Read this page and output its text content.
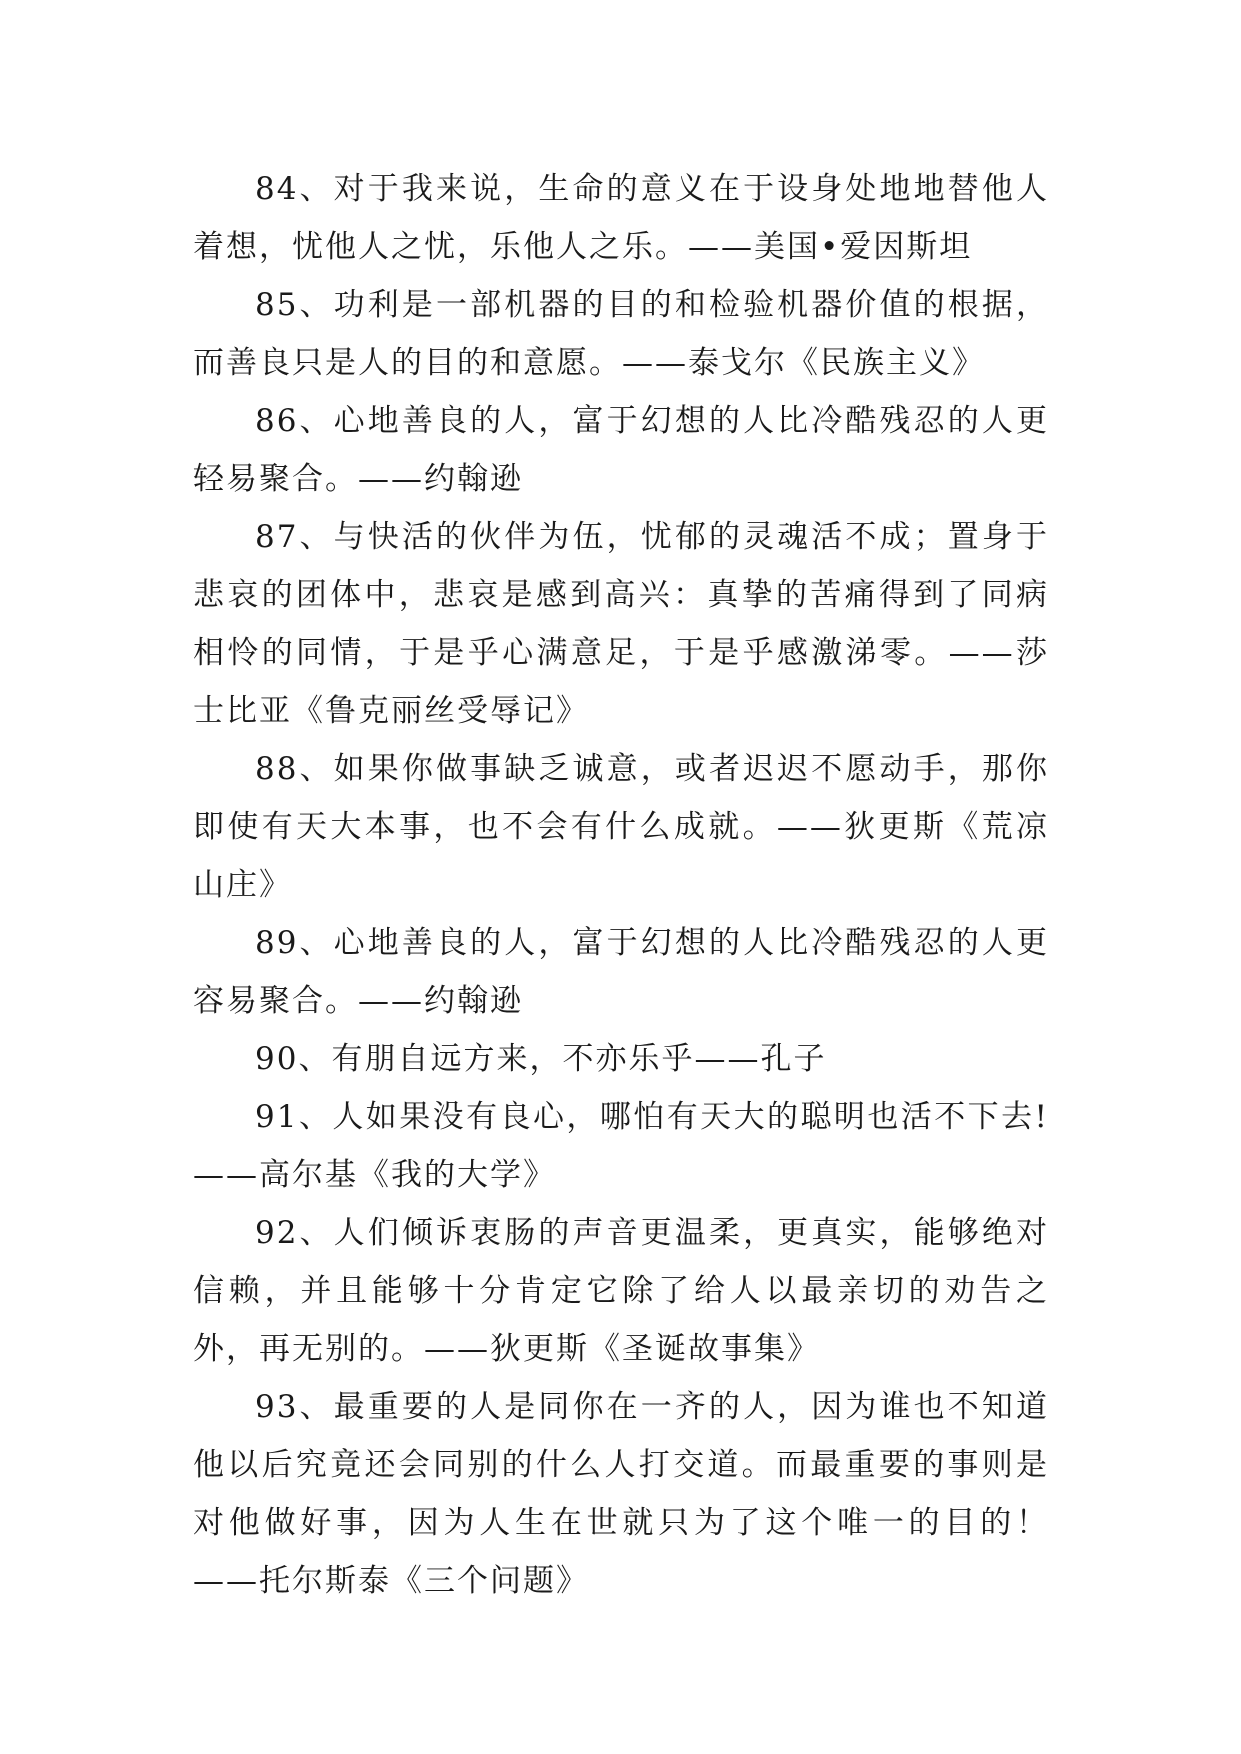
84、对于我来说，生命的意义在于设身处地地替他人着想，忧他人之忧，乐他人之乐。——美国•爱因斯坦

85、功利是一部机器的目的和检验机器价值的根据，而善良只是人的目的和意愿。——泰戈尔《民族主义》

86、心地善良的人，富于幻想的人比冷酷残忍的人更轻易聚合。——约翰逊

87、与快活的伙伴为伍，忧郁的灵魂活不成；置身于悲哀的团体中，悲哀是感到高兴：真挚的苦痛得到了同病相怜的同情，于是乎心满意足，于是乎感激涕零。——莎士比亚《鲁克丽丝受辱记》

88、如果你做事缺乏诚意，或者迟迟不愿动手，那你即使有天大本事，也不会有什么成就。——狄更斯《荒凉山庄》

89、心地善良的人，富于幻想的人比冷酷残忍的人更容易聚合。——约翰逊

90、有朋自远方来，不亦乐乎——孔子

91、人如果没有良心，哪怕有天大的聪明也活不下去!——高尔基《我的大学》

92、人们倾诉衷肠的声音更温柔，更真实，能够绝对信赖，并且能够十分肯定它除了给人以最亲切的劝告之外，再无别的。——狄更斯《圣诞故事集》

93、最重要的人是同你在一齐的人，因为谁也不知道他以后究竟还会同别的什么人打交道。而最重要的事则是对他做好事，因为人生在世就只为了这个唯一的目的！——托尔斯泰《三个问题》
